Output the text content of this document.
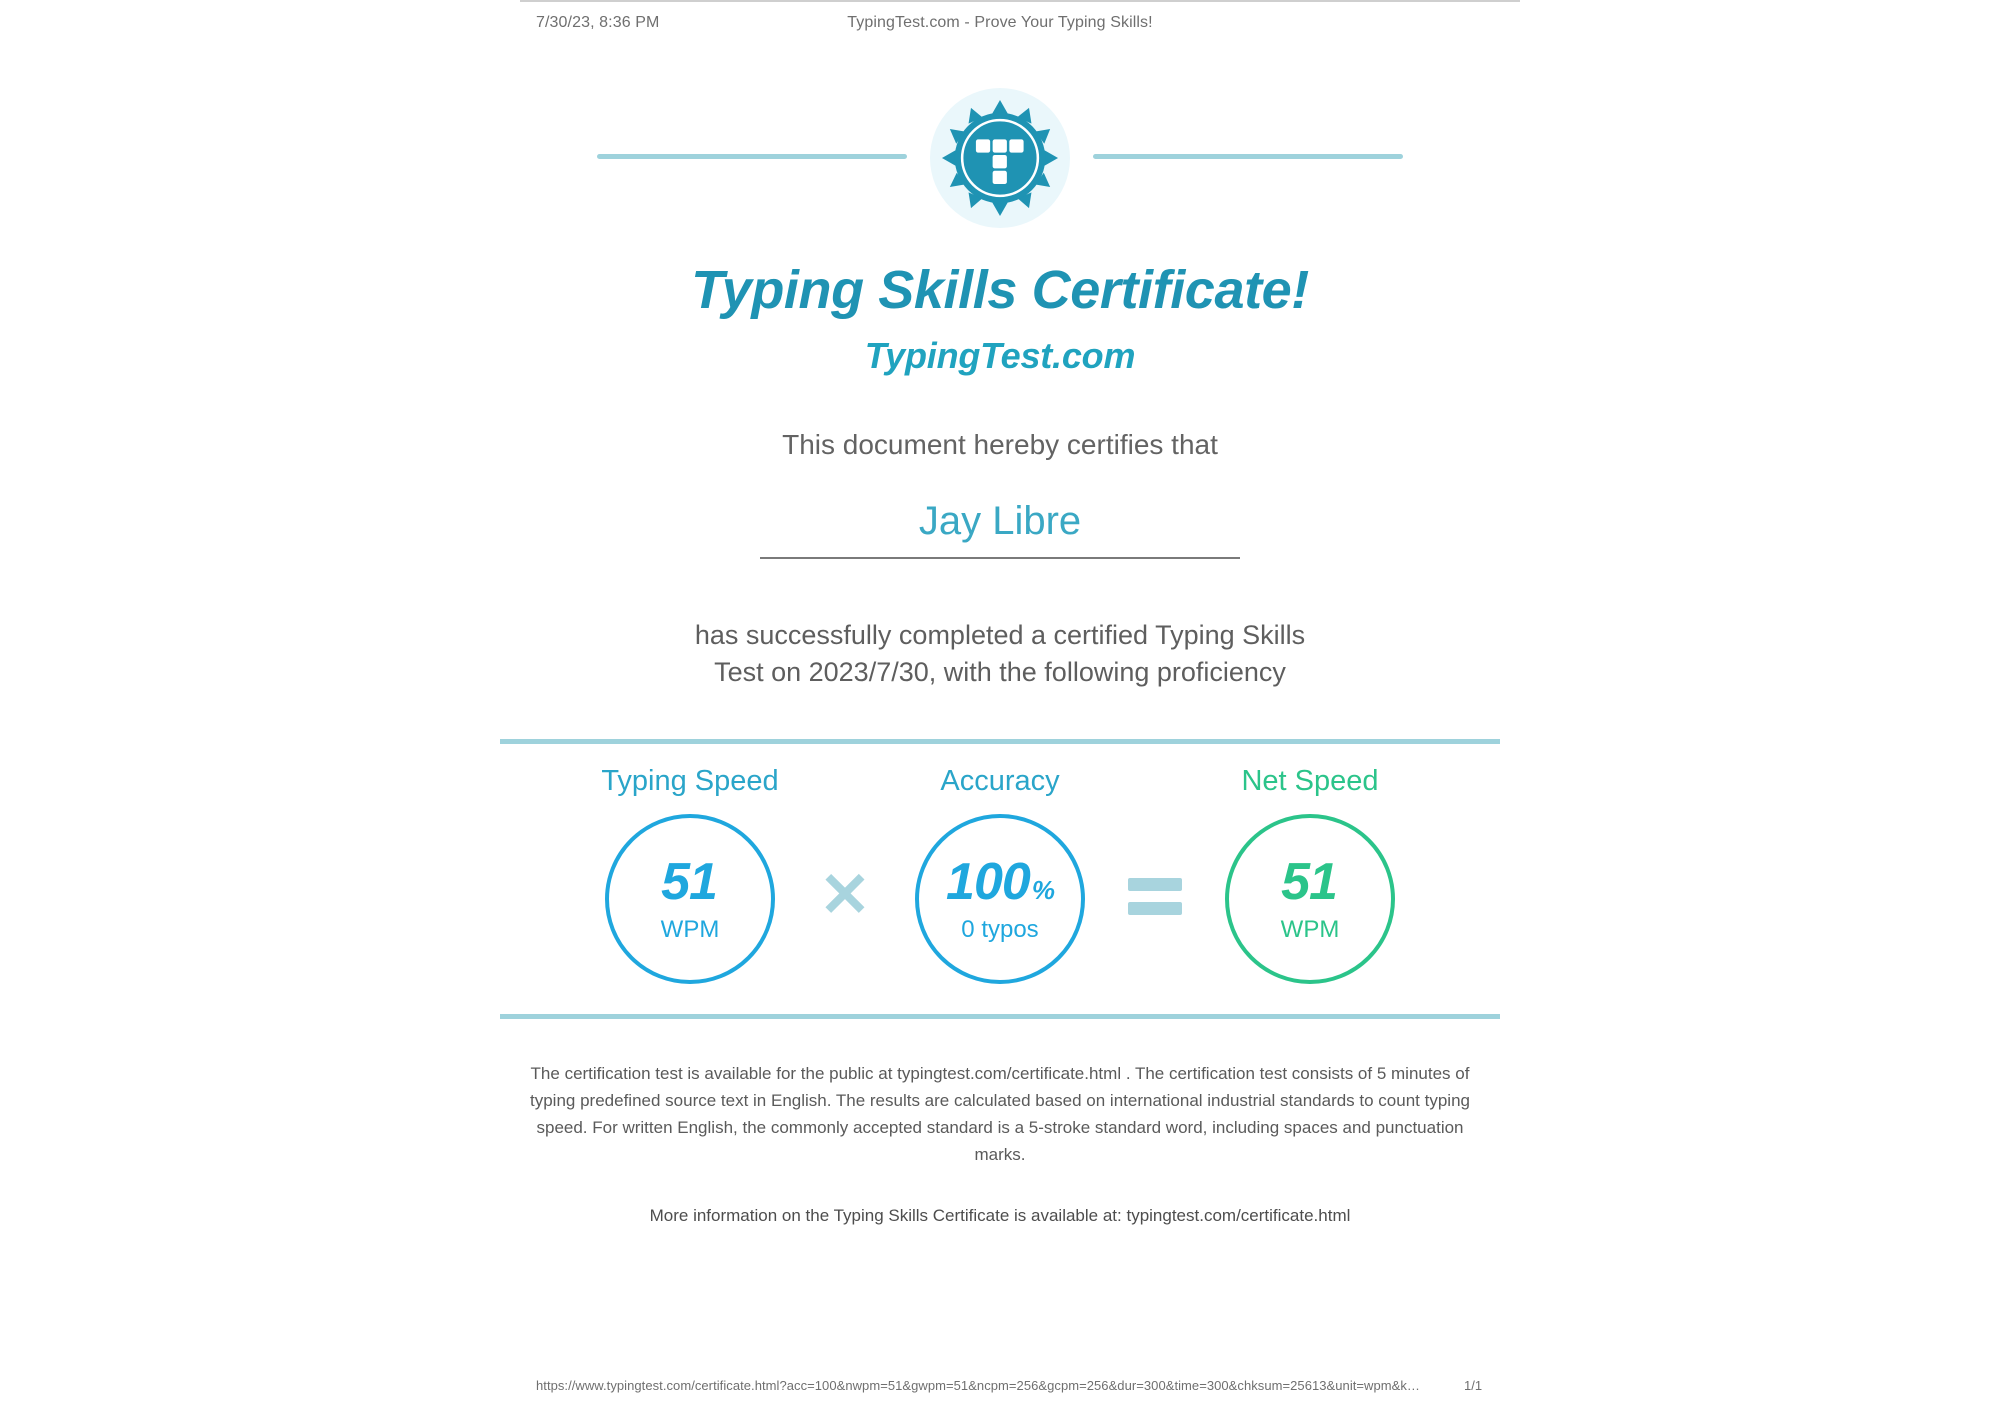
7/30/23, 8:36 PM	TypingTest.com - Prove Your Typing Skills!
Typing Skills Certificate!
TypingTest.com
This document hereby certifies that
Jay Libre
has successfully completed a certified Typing Skills
Test on 2023/7/30, with the following proficiency
Typing Speed
51
WPM ✕
Accuracy
100 %
0 typos
Net Speed
51
WPM
The certification test is available for the public at typingtest.com/certificate.html . The certification test consists of 5 minutes of typing predefined source text in English. The results are calculated based on international industrial standards to count typing speed. For written English, the commonly accepted standard is a 5-stroke standard word, including spaces and punctuation marks.
More information on the Typing Skills Certificate is available at: typingtest.com/certificate.html
https://www.typingtest.com/certificate.html?acc=100&nwpm=51&gwpm=51&ncpm=256&gcpm=256&dur=300&time=300&chksum=25613&unit=wpm&k…	1/1
